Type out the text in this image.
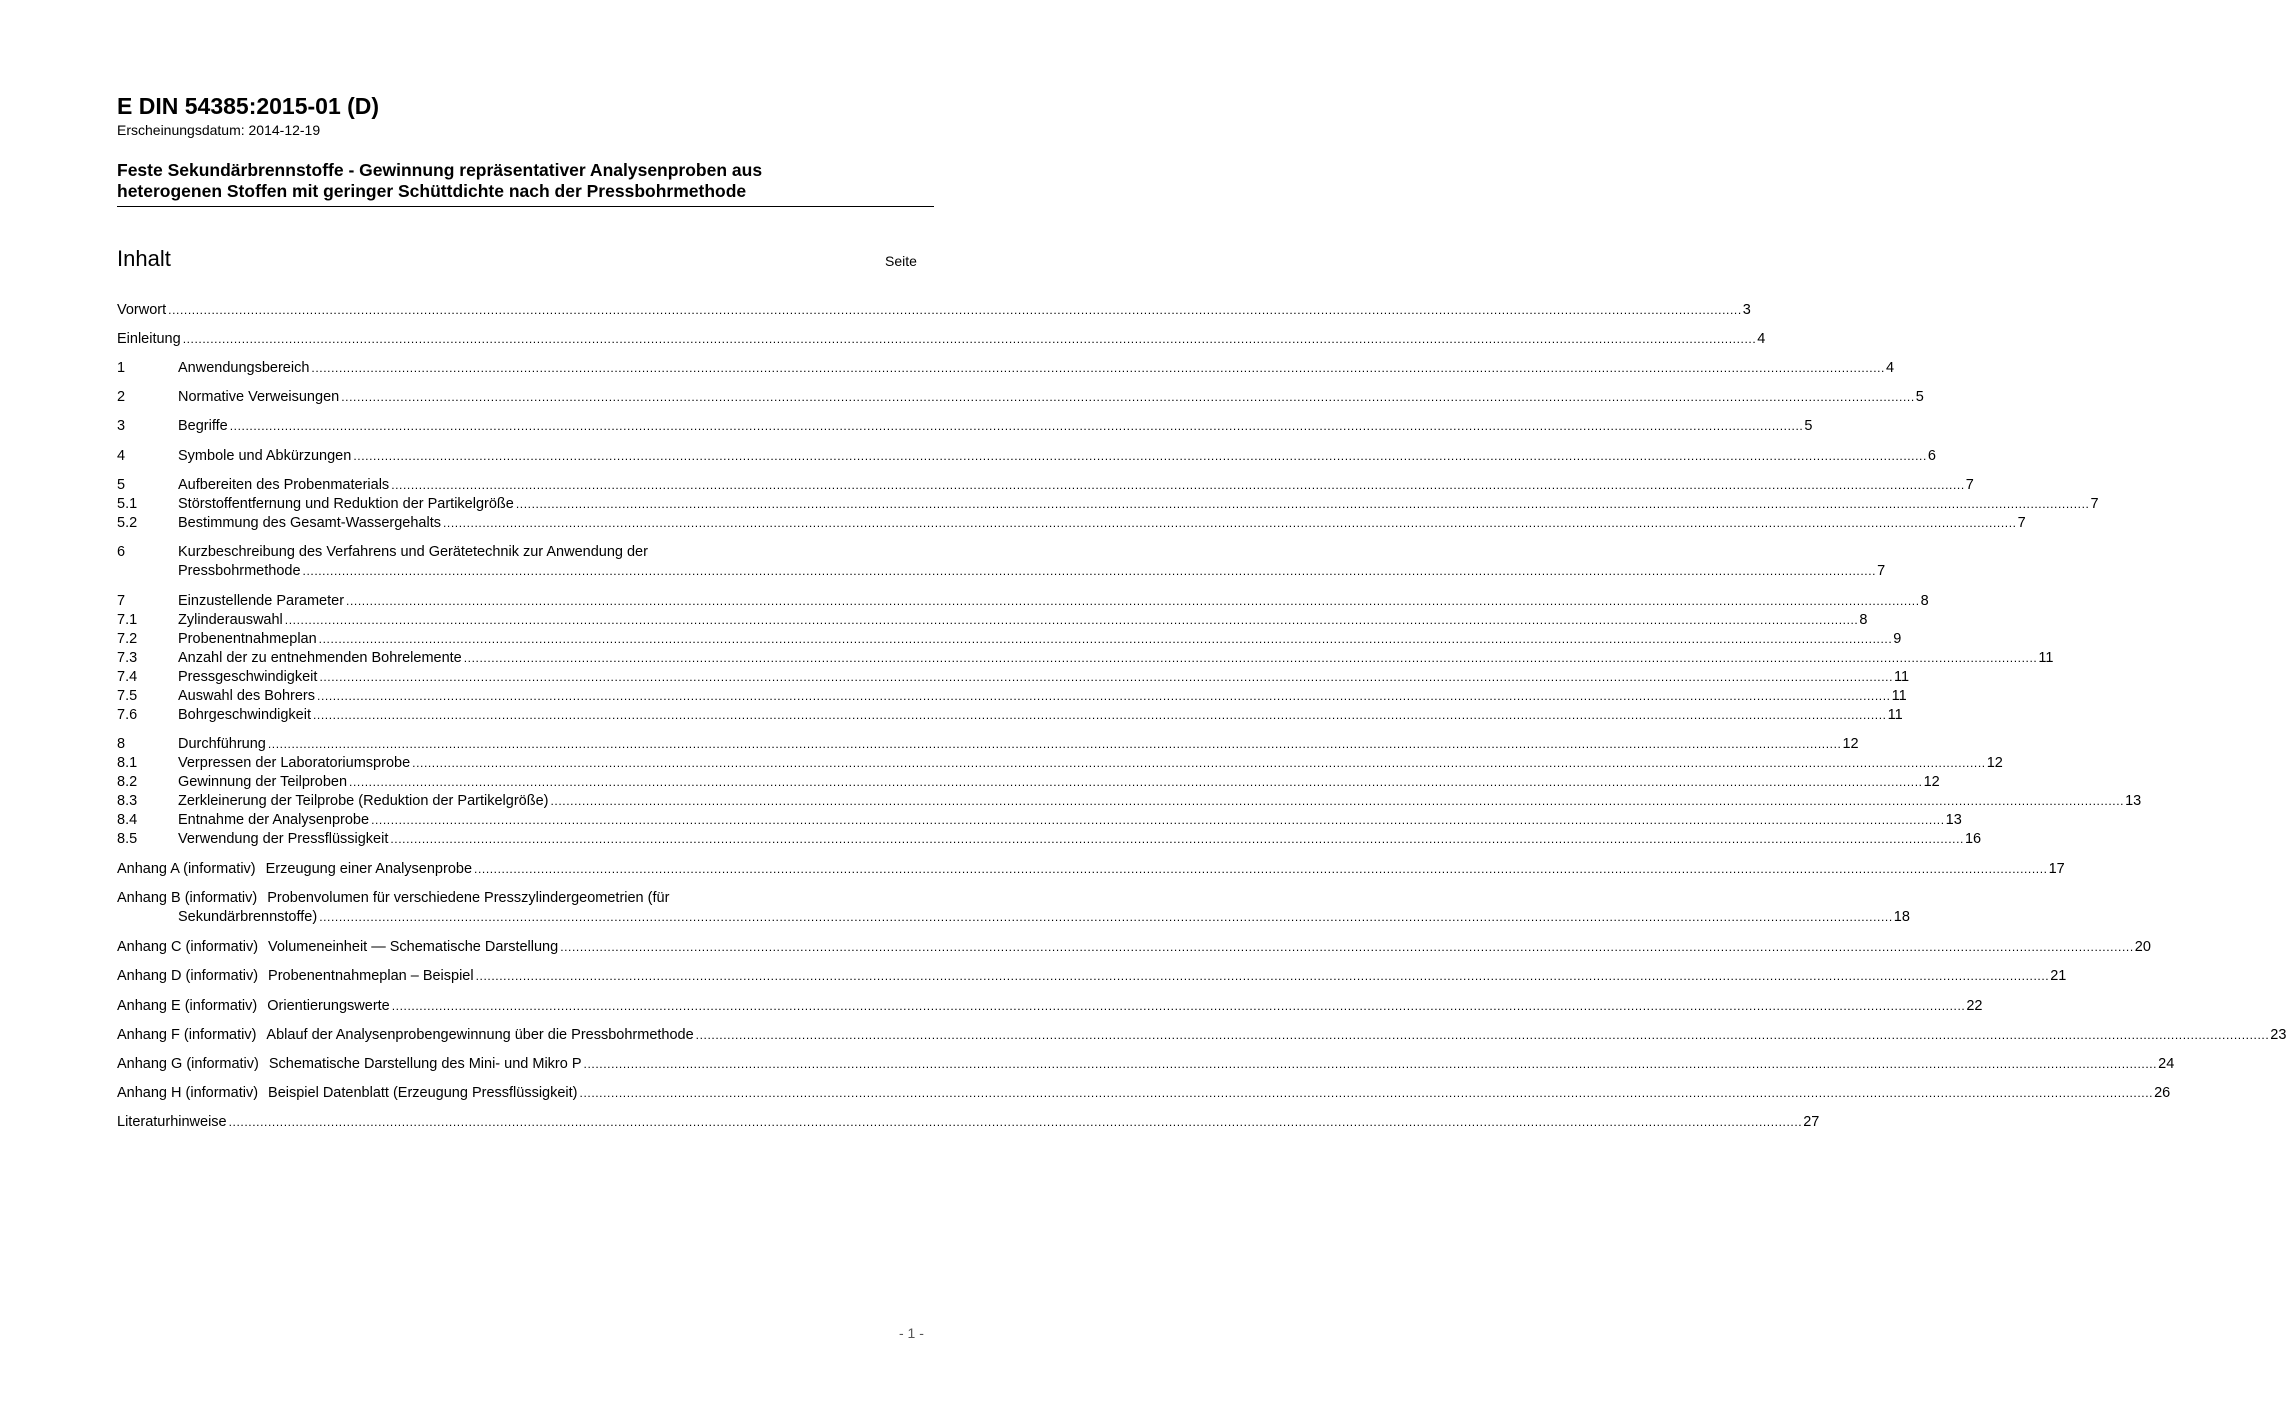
E DIN 54385:2015-01 (D)
Erscheinungsdatum: 2014-12-19
Feste Sekundärbrennstoffe - Gewinnung repräsentativer Analysenproben aus
heterogenen Stoffen mit geringer Schüttdichte nach der Pressbohrmethode
Inhalt	Seite
Vorwort ................................................................................................................................................................................................................................................................................................................................................................................................................ 3
Einleitung ................................................................................................................................................................................................................................................................................................................................................................................................................ 4
1	Anwendungsbereich ................................................................................................................................................................................................................................................................................................................................................................................................................ 4
2	Normative Verweisungen ................................................................................................................................................................................................................................................................................................................................................................................................................ 5
3	Begriffe ................................................................................................................................................................................................................................................................................................................................................................................................................ 5
4	Symbole und Abkürzungen ................................................................................................................................................................................................................................................................................................................................................................................................................ 6
5	Aufbereiten des Probenmaterials ................................................................................................................................................................................................................................................................................................................................................................................................................ 7
5.1	Störstoffentfernung und Reduktion der Partikelgröße ................................................................................................................................................................................................................................................................................................................................................................................................................ 7
5.2	Bestimmung des Gesamt-Wassergehalts ................................................................................................................................................................................................................................................................................................................................................................................................................ 7
6	Kurzbeschreibung des Verfahrens und Gerätetechnik zur Anwendung der
Pressbohrmethode ................................................................................................................................................................................................................................................................................................................................................................................................................ 7
7	Einzustellende Parameter ................................................................................................................................................................................................................................................................................................................................................................................................................ 8
7.1	Zylinderauswahl ................................................................................................................................................................................................................................................................................................................................................................................................................ 8
7.2	Probenentnahmeplan ................................................................................................................................................................................................................................................................................................................................................................................................................ 9
7.3	Anzahl der zu entnehmenden Bohrelemente ................................................................................................................................................................................................................................................................................................................................................................................................................ 11
7.4	Pressgeschwindigkeit ................................................................................................................................................................................................................................................................................................................................................................................................................ 11
7.5	Auswahl des Bohrers ................................................................................................................................................................................................................................................................................................................................................................................................................ 11
7.6	Bohrgeschwindigkeit ................................................................................................................................................................................................................................................................................................................................................................................................................ 11
8	Durchführung ................................................................................................................................................................................................................................................................................................................................................................................................................ 12
8.1	Verpressen der Laboratoriumsprobe ................................................................................................................................................................................................................................................................................................................................................................................................................ 12
8.2	Gewinnung der Teilproben ................................................................................................................................................................................................................................................................................................................................................................................................................ 12
8.3	Zerkleinerung der Teilprobe (Reduktion der Partikelgröße) ................................................................................................................................................................................................................................................................................................................................................................................................................ 13
8.4	Entnahme der Analysenprobe ................................................................................................................................................................................................................................................................................................................................................................................................................ 13
8.5	Verwendung der Pressflüssigkeit ................................................................................................................................................................................................................................................................................................................................................................................................................ 16
Anhang A (informativ) Erzeugung einer Analysenprobe ................................................................................................................................................................................................................................................................................................................................................................................................................ 17
Anhang B (informativ) Probenvolumen für verschiedene Presszylindergeometrien (für
Sekundärbrennstoffe) ................................................................................................................................................................................................................................................................................................................................................................................................................ 18
Anhang C (informativ) Volumeneinheit — Schematische Darstellung ................................................................................................................................................................................................................................................................................................................................................................................................................ 20
Anhang D (informativ) Probenentnahmeplan – Beispiel ................................................................................................................................................................................................................................................................................................................................................................................................................ 21
Anhang E (informativ) Orientierungswerte ................................................................................................................................................................................................................................................................................................................................................................................................................ 22
Anhang F (informativ) Ablauf der Analysenprobengewinnung über die Pressbohrmethode ................................................................................................................................................................................................................................................................................................................................................................................................................ 23
Anhang G (informativ) Schematische Darstellung des Mini- und Mikro P ................................................................................................................................................................................................................................................................................................................................................................................................................ 24
Anhang H (informativ) Beispiel Datenblatt (Erzeugung Pressflüssigkeit) ................................................................................................................................................................................................................................................................................................................................................................................................................ 26
Literaturhinweise ................................................................................................................................................................................................................................................................................................................................................................................................................ 27
- 1 -
